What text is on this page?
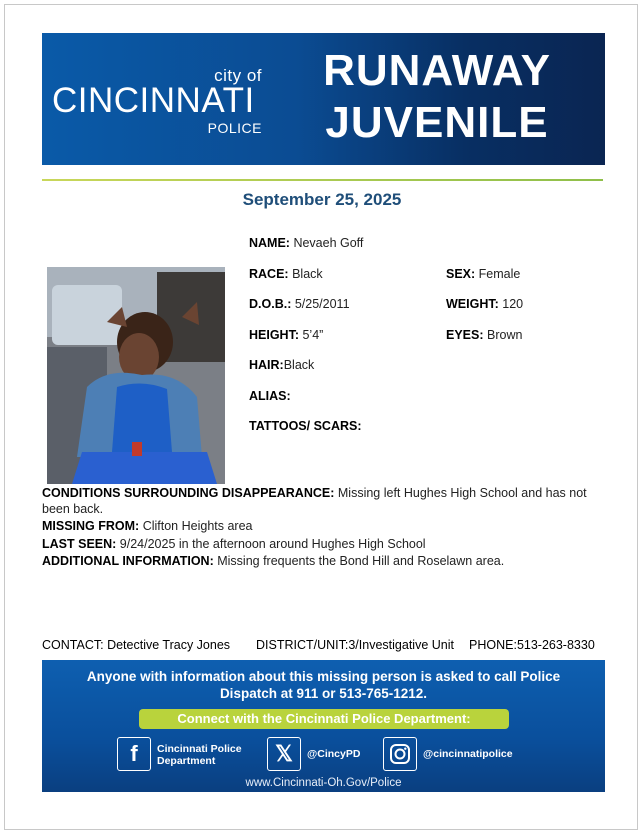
city of
CINCINNATI
POLICE
RUNAWAY
JUVENILE
September 25, 2025
NAME: Nevaeh Goff
RACE: Black	SEX: Female
D.O.B.: 5/25/2011	WEIGHT: 120
HEIGHT: 5’4”	EYES: Brown
HAIR:Black
ALIAS:
TATTOOS/ SCARS:
CONDITIONS SURROUNDING DISAPPEARANCE: Missing left Hughes High School and has not been back.
MISSING FROM: Clifton Heights area
LAST SEEN: 9/24/2025 in the afternoon around Hughes High School
ADDITIONAL INFORMATION: Missing frequents the Bond Hill and Roselawn area.
CONTACT: Detective Tracy Jones DISTRICT/UNIT:3/Investigative Unit PHONE:513-263-8330
Anyone with information about this missing person is asked to call Police
Dispatch at 911 or 513-765-1212.
Connect with the Cincinnati Police Department:
f	Cincinnati Police
Department	𝕏	@CincyPD	@cincinnatipolice
www.Cincinnati-Oh.Gov/Police
